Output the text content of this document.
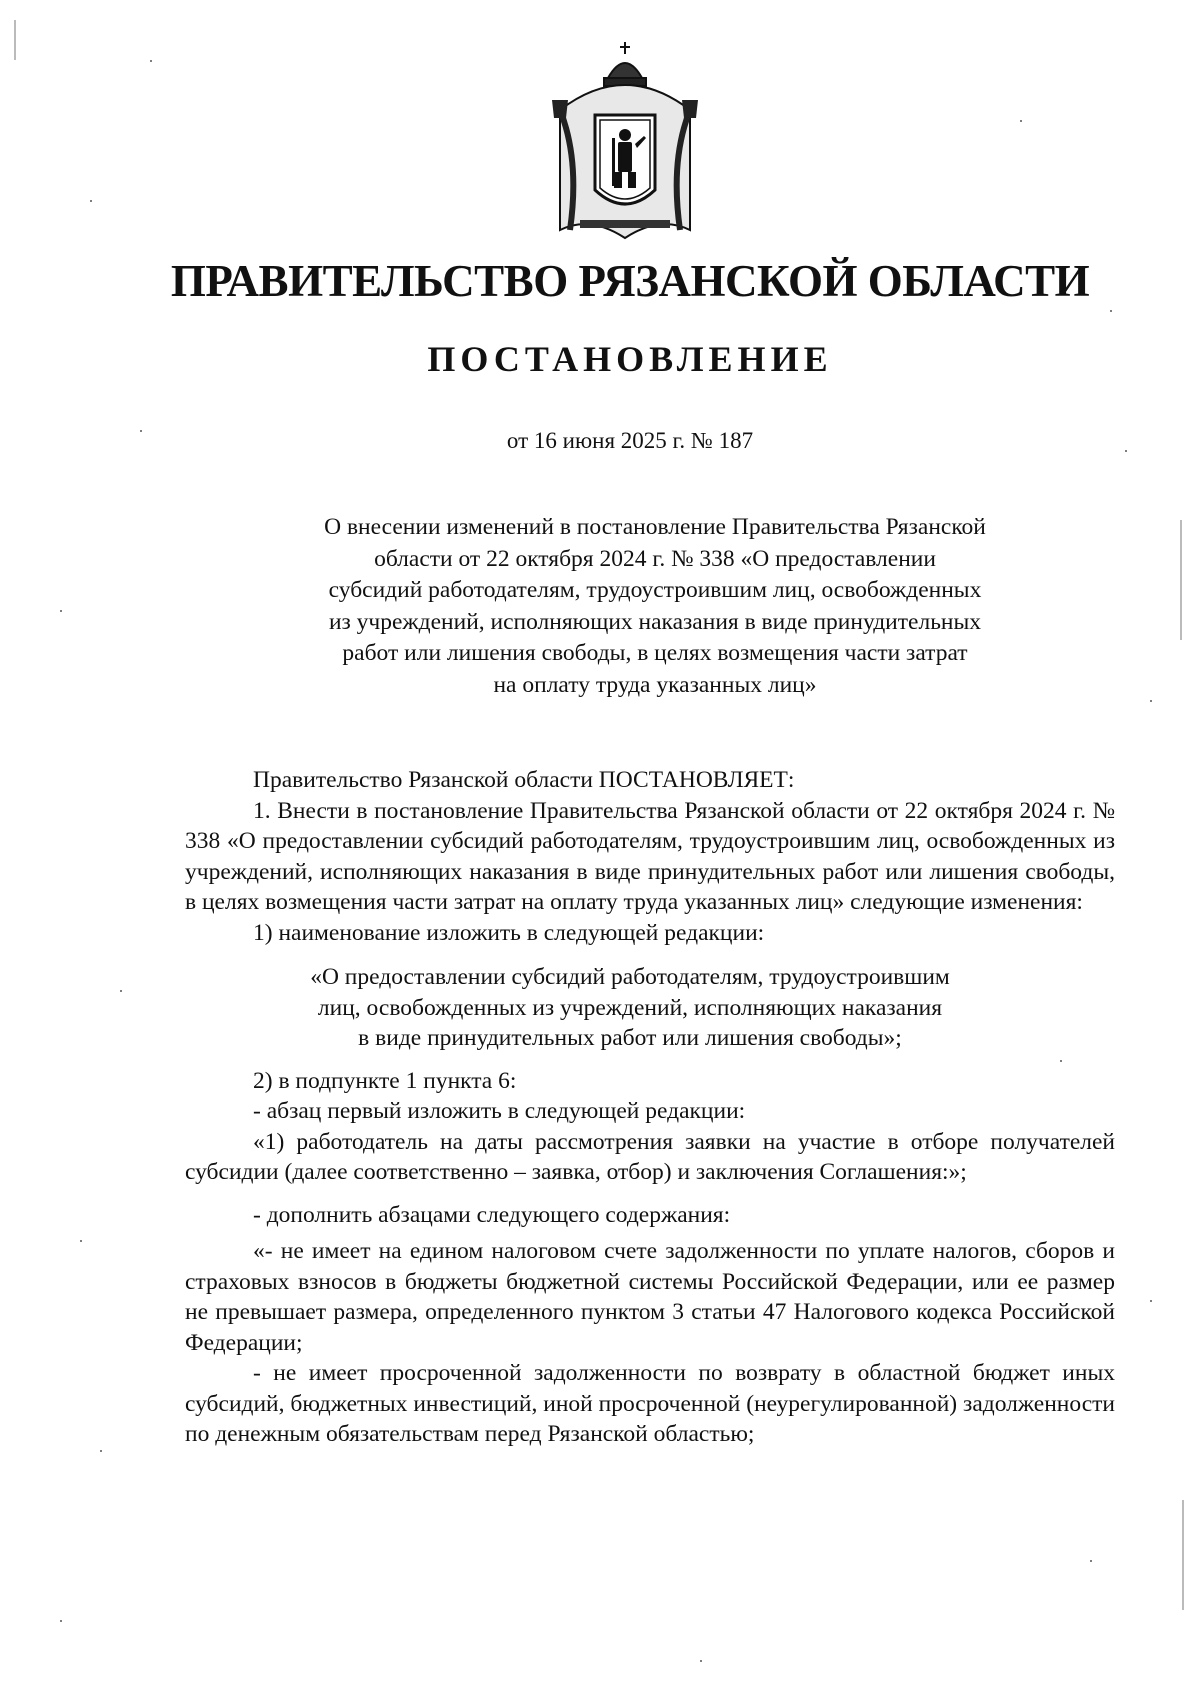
ПРАВИТЕЛЬСТВО РЯЗАНСКОЙ ОБЛАСТИ
ПОСТАНОВЛЕНИЕ
от 16 июня 2025 г. № 187
О внесении изменений в постановление Правительства Рязанской
области от 22 октября 2024 г. № 338 «О предоставлении
субсидий работодателям, трудоустроившим лиц, освобожденных
из учреждений, исполняющих наказания в виде принудительных
работ или лишения свободы, в целях возмещения части затрат
на оплату труда указанных лиц»

Правительство Рязанской области ПОСТАНОВЛЯЕТ:

1. Внести в постановление Правительства Рязанской области от 22 октября 2024 г. № 338 «О предоставлении субсидий работодателям, трудоустроившим лиц, освобожденных из учреждений, исполняющих наказания в виде принудительных работ или лишения свободы, в целях возмещения части затрат на оплату труда указанных лиц» следующие изменения:

1) наименование изложить в следующей редакции:

«О предоставлении субсидий работодателям, трудоустроившим
лиц, освобожденных из учреждений, исполняющих наказания
в виде принудительных работ или лишения свободы»;

2) в подпункте 1 пункта 6:

- абзац первый изложить в следующей редакции:

«1) работодатель на даты рассмотрения заявки на участие в отборе получателей субсидии (далее соответственно – заявка, отбор) и заключения Соглашения:»;

- дополнить абзацами следующего содержания:

«- не имеет на едином налоговом счете задолженности по уплате налогов, сборов и страховых взносов в бюджеты бюджетной системы Российской Федерации, или ее размер не превышает размера, определенного пунктом 3 статьи 47 Налогового кодекса Российской Федерации;

- не имеет просроченной задолженности по возврату в областной бюджет иных субсидий, бюджетных инвестиций, иной просроченной (неурегулированной) задолженности по денежным обязательствам перед Рязанской областью;
